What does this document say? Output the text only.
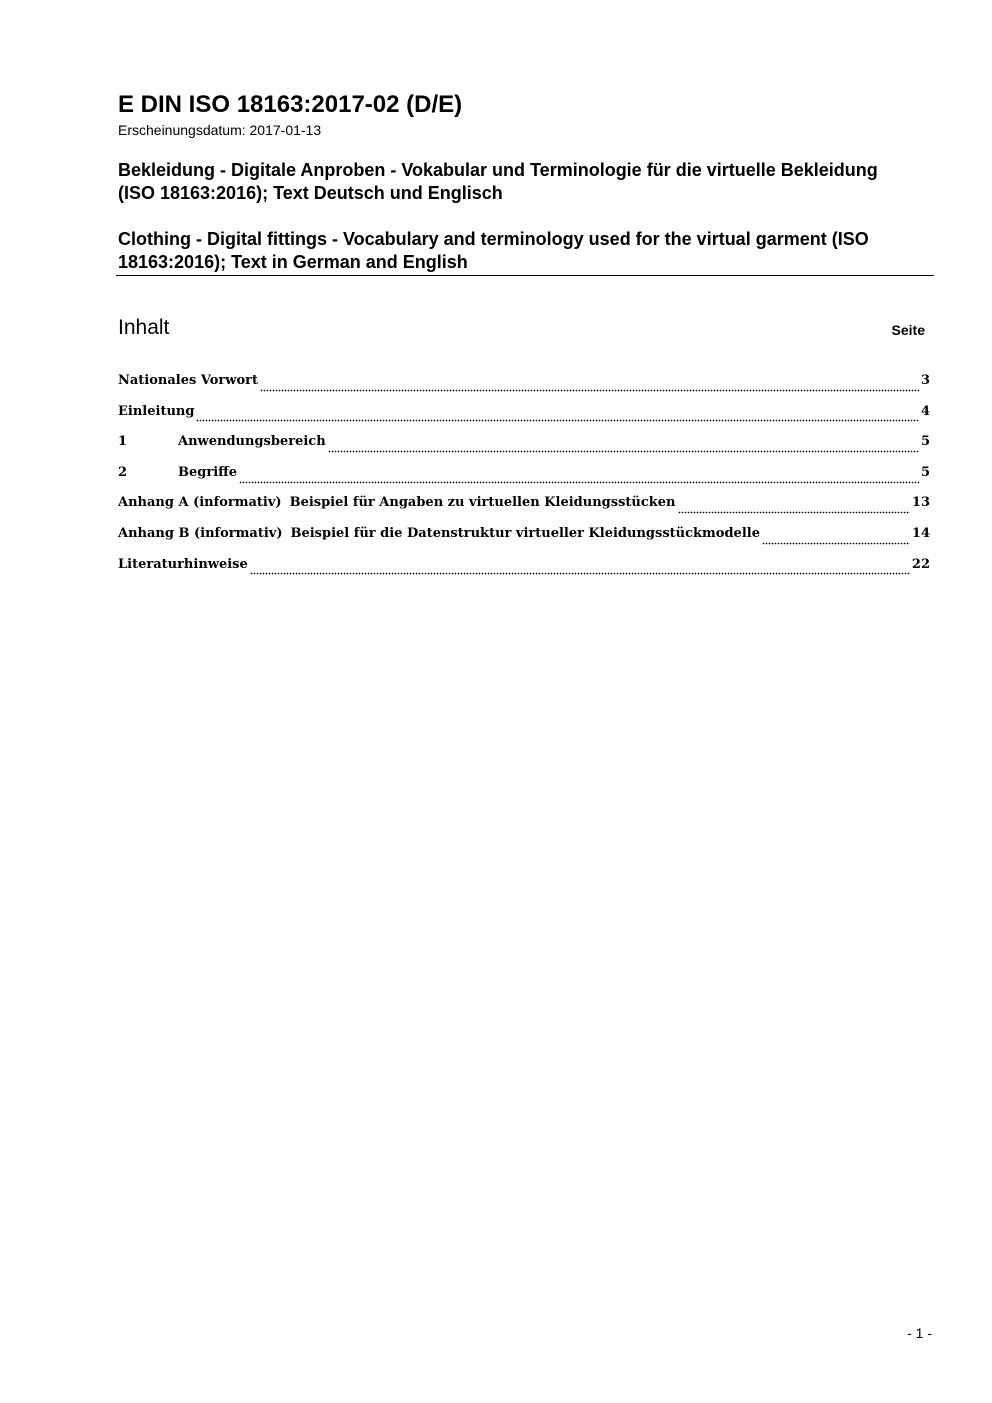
E DIN ISO 18163:2017-02 (D/E)
Erscheinungsdatum: 2017-01-13
Bekleidung - Digitale Anproben - Vokabular und Terminologie für die virtuelle Bekleidung (ISO 18163:2016); Text Deutsch und Englisch
Clothing - Digital fittings - Vocabulary and terminology used for the virtual garment (ISO 18163:2016); Text in German and English
Inhalt	Seite
Nationales Vorwort	3
Einleitung	4
1	Anwendungsbereich	5
2	Begriffe	5
Anhang A (informativ) Beispiel für Angaben zu virtuellen Kleidungsstücken	13
Anhang B (informativ) Beispiel für die Datenstruktur virtueller Kleidungsstückmodelle	14
Literaturhinweise	22
- 1 -
